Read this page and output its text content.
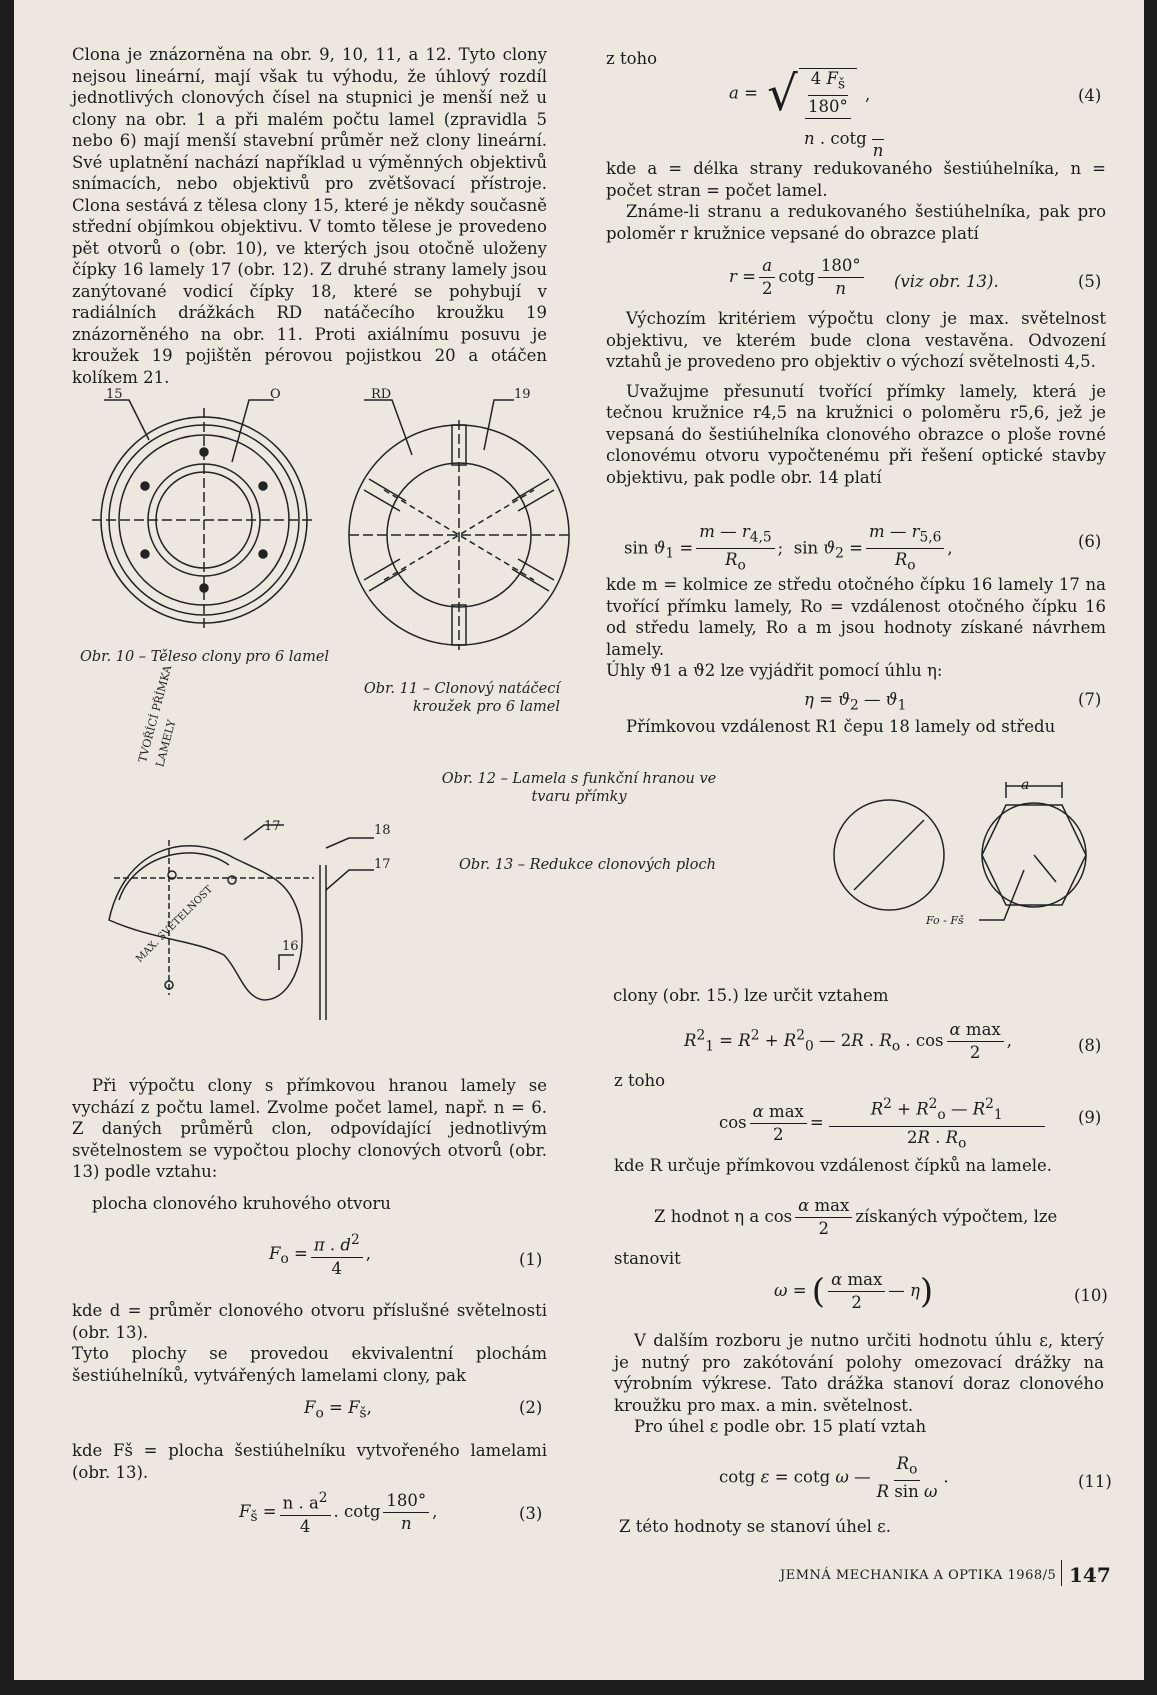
Clona je znázorněna na obr. 9, 10, 11, a 12. Tyto clony nejsou lineární, mají však tu výhodu, že úhlový rozdíl jednotlivých clonových čísel na stupnici je menší než u clony na obr. 1 a při malém počtu lamel (zpravidla 5 nebo 6) mají menší stavební průměr než clony lineární. Své uplatnění nachází například u výměnných objektivů snímacích, nebo objektivů pro zvětšovací přístroje. Clona sestává z tělesa clony 15, které je někdy současně střední objímkou objektivu. V tomto tělese je provedeno pět otvorů o (obr. 10), ve kterých jsou otočně uloženy čípky 16 lamely 17 (obr. 12). Z druhé strany lamely jsou zanýtované vodicí čípky 18, které se pohybují v radiálních drážkách RD natáčecího kroužku 19 znázorněného na obr. 11. Proti axiálnímu posuvu je kroužek 19 pojištěn pérovou pojistkou 20 a otáčen kolíkem 21.

15	O
Obr. 10 – Těleso clony pro 6 lamel
RD	19
Obr. 11 – Clonový natáčecí kroužek pro 6 lamel
17	18
17
16
TVOŘÍCÍ PŘÍMKA LAMELY
MAX. SVĚTELNOST
Obr. 12 – Lamela s funkční hranou ve tvaru přímky
a
Fo - Fš
Obr. 13 – Redukce clonových ploch

Při výpočtu clony s přímkovou hranou lamely se vychází z počtu lamel. Zvolme počet lamel, např. n = 6. Z daných průměrů clon, odpovídající jednotlivým světelnostem se vypočtou plochy clonových otvorů (obr. 13) podle vztahu:

plocha clonového kruhového otvoru

$F_o = \frac{\pi . d^2}{4}$ ,	(1)

kde d = průměr clonového otvoru příslušné světelnosti (obr. 13).

Tyto plochy se provedou ekvivalentní plochám šestiúhelníků, vytvářených lamelami clony, pak

$F_o = F_š$,	(2)

kde Fš = plocha šestiúhelníku vytvořeného lamelami (obr. 13).

$F_š = \frac{n . a^2}{4}$ . cotg $\frac{180^\circ}{n}$ ,	(3)
z toho
a = √ $\frac{4 F_š}{180^\circ}$ ,
n . cotg

n
(4)

kde a = délka strany redukovaného šestiúhelníka, n = počet stran = počet lamel.

Známe-li stranu a redukovaného šestiúhelníka, pak pro poloměr r kružnice vepsané do obrazce platí

$r = \frac{a}{2}$ cotg $\frac{180^\circ}{n} (viz$ obr. 13).	(5)

Výchozím kritériem výpočtu clony je max. světelnost objektivu, ve kterém bude clona vestavěna. Odvození vztahů je provedeno pro objektiv o výchozí světelnosti 4,5.

Uvažujme přesunutí tvořící přímky lamely, která je tečnou kružnice r4,5 na kružnici o poloměru r5,6, jež je vepsaná do šestiúhelníka clonového obrazce o ploše rovné clonovému otvoru vypočtenému při řešení optické stavby objektivu, pak podle obr. 14 platí

$\sin ϑ_1 = \frac{m — r_{4,5}}{R_o}$ ;  $\sin ϑ_2 = \frac{m — r_{5,6}}{R_o}$ ,	(6)

kde m = kolmice ze středu otočného čípku 16 lamely 17 na tvořící přímku lamely, Ro = vzdálenost otočného čípku 16 od středu lamely, Ro a m jsou hodnoty získané návrhem lamely.

Úhly ϑ1 a ϑ2 lze vyjádřit pomocí úhlu η:

$\eta = ϑ_2$ — $ϑ_1$	(7)

Přímkovou vzdálenost R1 čepu 18 lamely od středu

clony (obr. 15.) lze určit vztahem

$R^2_1 = R^2 + R^2_0$ — 2R . $R_o$ . $\cos \frac{\text{α max}}{2}$ ,	(8)
z toho
$\cos \frac{\text{α max}}{2} = \frac{R^2 + R^2_o — R^2_1}{2R . R_o} (9)$

kde R určuje přímkovou vzdálenost čípků na lamele.

Z hodnot η a $\cos \frac{\text{α max}}{2}$ získaných výpočtem, lze
stanovit
ω = ( $\frac{\text{α max}}{2}$ — η)	(10)

V dalším rozboru je nutno určiti hodnotu úhlu ε, který je nutný pro zakótování polohy omezovací drážky na výrobním výkrese. Tato drážka stanoví doraz clonového kroužku pro max. a min. světelnost.

Pro úhel ε podle obr. 15 platí vztah

cotg ε = cotg ω — $\frac{R_o}{\text{R sin ω}}$ .	(11)

Z této hodnoty se stanoví úhel ε.

JEMNÁ MECHANIKA A OPTIKA 1968/5 147
